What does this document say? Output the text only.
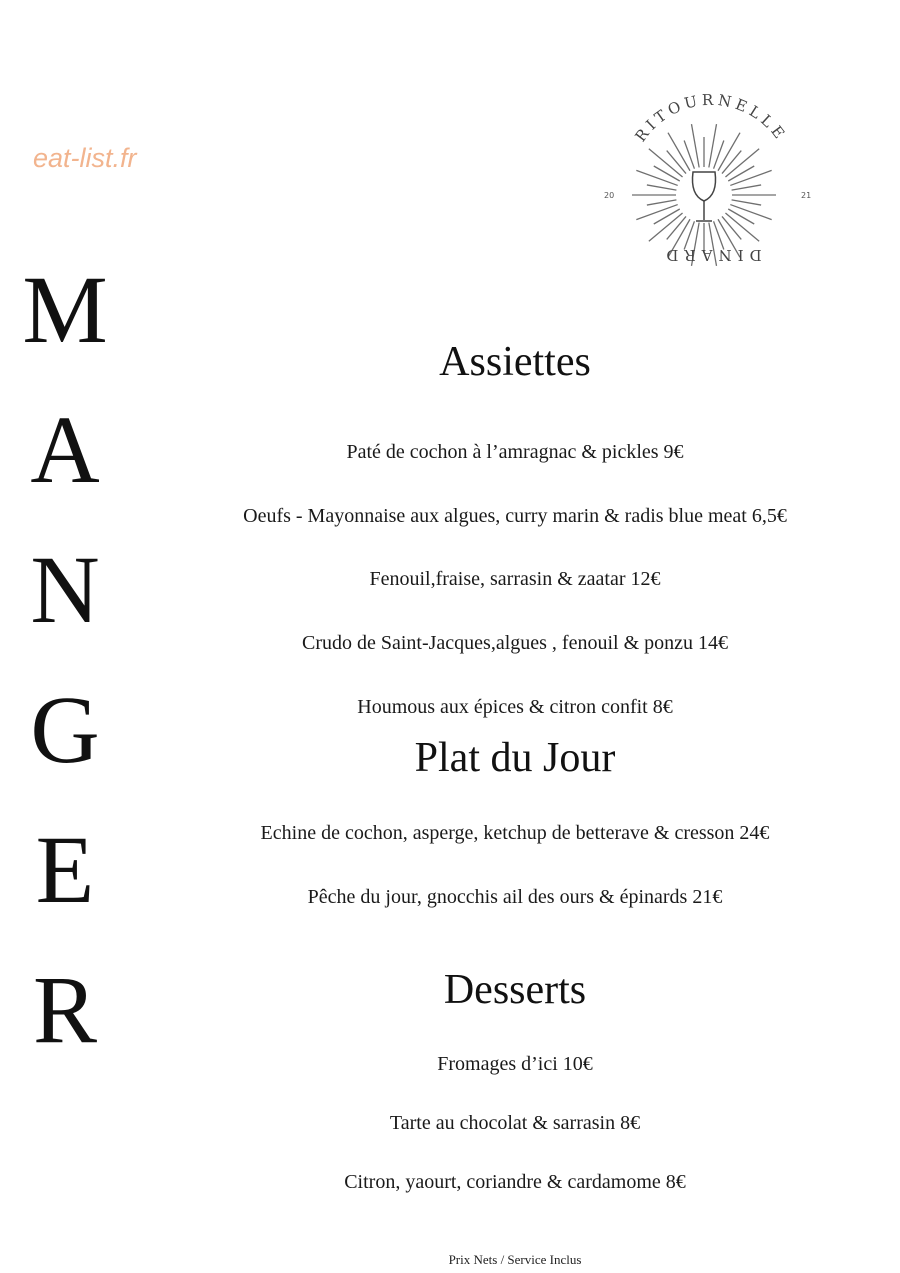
eat-list.fr
RITOURNELLE
DINARD
20	21
M
A
N
G
E
R
Assiettes
Paté de cochon à l’amragnac & pickles 9€
Oeufs - Mayonnaise aux algues, curry marin & radis blue meat 6,5€
Fenouil,fraise, sarrasin & zaatar 12€
Crudo de Saint-Jacques,algues , fenouil & ponzu 14€
Houmous aux épices & citron confit 8€
Plat du Jour
Echine de cochon, asperge, ketchup de betterave & cresson 24€
Pêche du jour, gnocchis ail des ours & épinards 21€
Desserts
Fromages d’ici 10€
Tarte au chocolat & sarrasin 8€
Citron, yaourt, coriandre & cardamome 8€
Prix Nets / Service Inclus
